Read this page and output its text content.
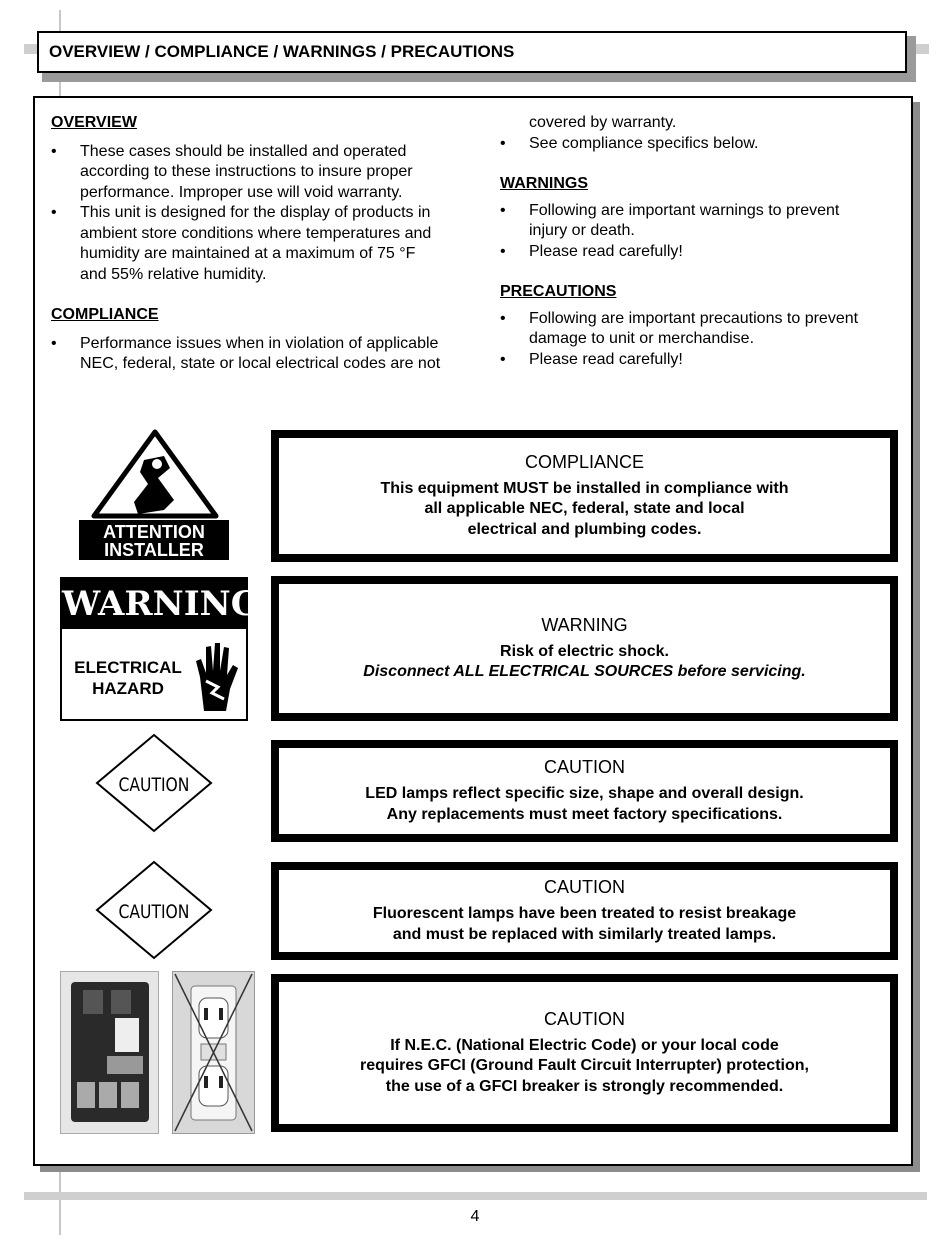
OVERVIEW / COMPLIANCE / WARNINGS / PRECAUTIONS
OVERVIEW
• These cases should be installed and operated
according to these instructions to insure proper
performance. Improper use will void warranty.
• This unit is designed for the display of products in
ambient store conditions where temperatures and
humidity are maintained at a maximum of 75 °F
and 55% relative humidity.
COMPLIANCE
• Performance issues when in violation of applicable
NEC, federal, state or local electrical codes are not
covered by warranty.
• See compliance specifics below.
WARNINGS
• Following are important warnings to prevent
injury or death.
• Please read carefully!
PRECAUTIONS
• Following are important precautions to prevent
damage to unit or merchandise.
• Please read carefully!
ATTENTION
INSTALLER
WARNING
ELECTRICAL
HAZARD
CAUTION
CAUTION
COMPLIANCE
This equipment MUST be installed in compliance with
all applicable NEC, federal, state and local
electrical and plumbing codes.
WARNING
Risk of electric shock.
Disconnect ALL ELECTRICAL SOURCES before servicing.
CAUTION
LED lamps reflect specific size, shape and overall design.
Any replacements must meet factory specifications.
CAUTION
Fluorescent lamps have been treated to resist breakage
and must be replaced with similarly treated lamps.
CAUTION
If N.E.C. (National Electric Code) or your local code
requires GFCI (Ground Fault Circuit Interrupter) protection,
the use of a GFCI breaker is strongly recommended.
4
